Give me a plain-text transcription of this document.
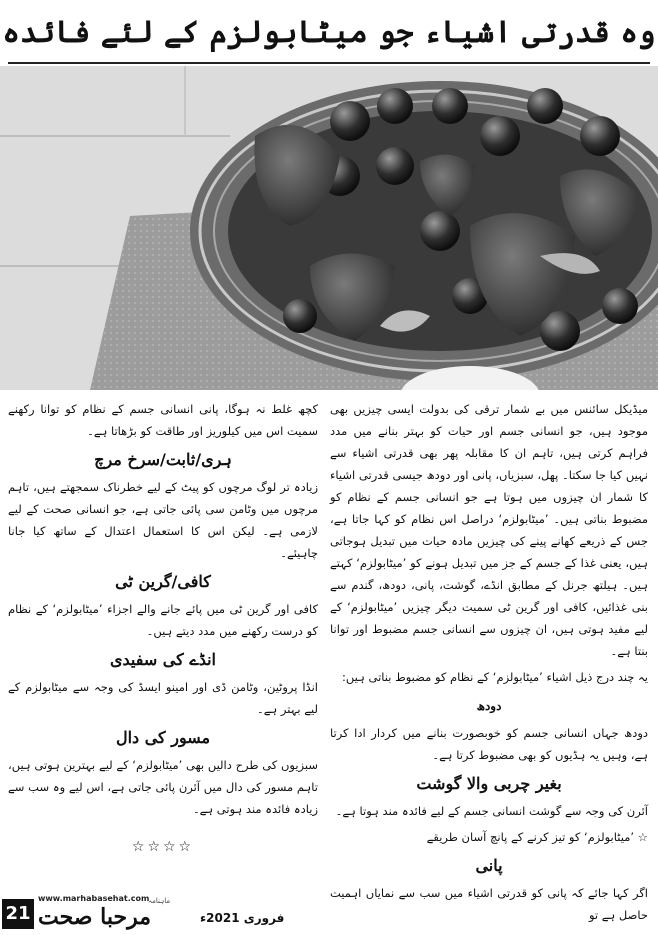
وہ قدرتی اشیاء جو میٹابولزم کے لئے فائدہ

میڈیکل سائنس میں بے شمار ترقی کی بدولت ایسی چیزیں بھی موجود ہیں، جو انسانی جسم اور حیات کو بہتر بنانے میں مدد فراہم کرتی ہیں، تاہم ان کا مقابلہ پھر بھی قدرتی اشیاء سے نہیں کیا جا سکتا۔ پھل، سبزیاں، پانی اور دودھ جیسی قدرتی اشیاء کا شمار ان چیزوں میں ہوتا ہے جو انسانی جسم کے نظام کو مضبوط بناتی ہیں۔ ’میٹابولزم‘ دراصل اس نظام کو کہا جاتا ہے، جس کے ذریعے کھانے پینے کی چیزیں مادہ حیات میں تبدیل ہوجاتی ہیں، یعنی غذا کے جسم کے جز میں تبدیل ہونے کو ’میٹابولزم‘ کہتے ہیں۔ ہیلتھ جرنل کے مطابق انڈے، گوشت، پانی، دودھ، گندم سے بنی غذائیں، کافی اور گرین ٹی سمیت دیگر چیزیں ’میٹابولزم‘ کے لیے مفید ہوتی ہیں، ان چیزوں سے انسانی جسم مضبوط اور توانا بنتا ہے۔

یہ چند درج ذیل اشیاء ’میٹابولزم‘ کے نظام کو مضبوط بناتی ہیں:

دودھ

دودھ جہاں انسانی جسم کو خوبصورت بنانے میں کردار ادا کرتا ہے، وہیں یہ ہڈیوں کو بھی مضبوط کرتا ہے۔

بغیر چربی والا گوشت

آئرن کی وجہ سے گوشت انسانی جسم کے لیے فائدہ مند ہوتا ہے۔

☆ ’میٹابولزم‘ کو تیز کرنے کے پانچ آسان طریقے

پانی

اگر کہا جائے کہ پانی کو قدرتی اشیاء میں سب سے نمایاں اہمیت حاصل ہے تو

کچھ غلط نہ ہوگا، پانی انسانی جسم کے نظام کو توانا رکھنے سمیت اس میں کیلوریز اور طاقت کو بڑھاتا ہے۔

ہری/ثابت/سرخ مرچ

زیادہ تر لوگ مرچوں کو پیٹ کے لیے خطرناک سمجھتے ہیں، تاہم مرچوں میں وٹامن سی پائی جاتی ہے، جو انسانی صحت کے لیے لازمی ہے۔ لیکن اس کا استعمال اعتدال کے ساتھ کیا جانا چاہیئے۔

کافی/گرین ٹی

کافی اور گرین ٹی میں پائے جانے والے اجزاء ’میٹابولزم‘ کے نظام کو درست رکھنے میں مدد دیتے ہیں۔

انڈے کی سفیدی

انڈا پروٹین، وٹامن ڈی اور امینو ایسڈ کی وجہ سے میٹابولزم کے لیے بہتر ہے۔

مسور کی دال

سبزیوں کی طرح دالیں بھی ’میٹابولزم‘ کے لیے بہترین ہوتی ہیں، تاہم مسور کی دال میں آئرن پائی جاتی ہے، اس لیے وہ سب سے زیادہ فائدہ مند ہوتی ہے۔

☆☆☆☆
21
www.marhabasehat.com
ماہنامہ
مرحبا صحت	فروری 2021ء
